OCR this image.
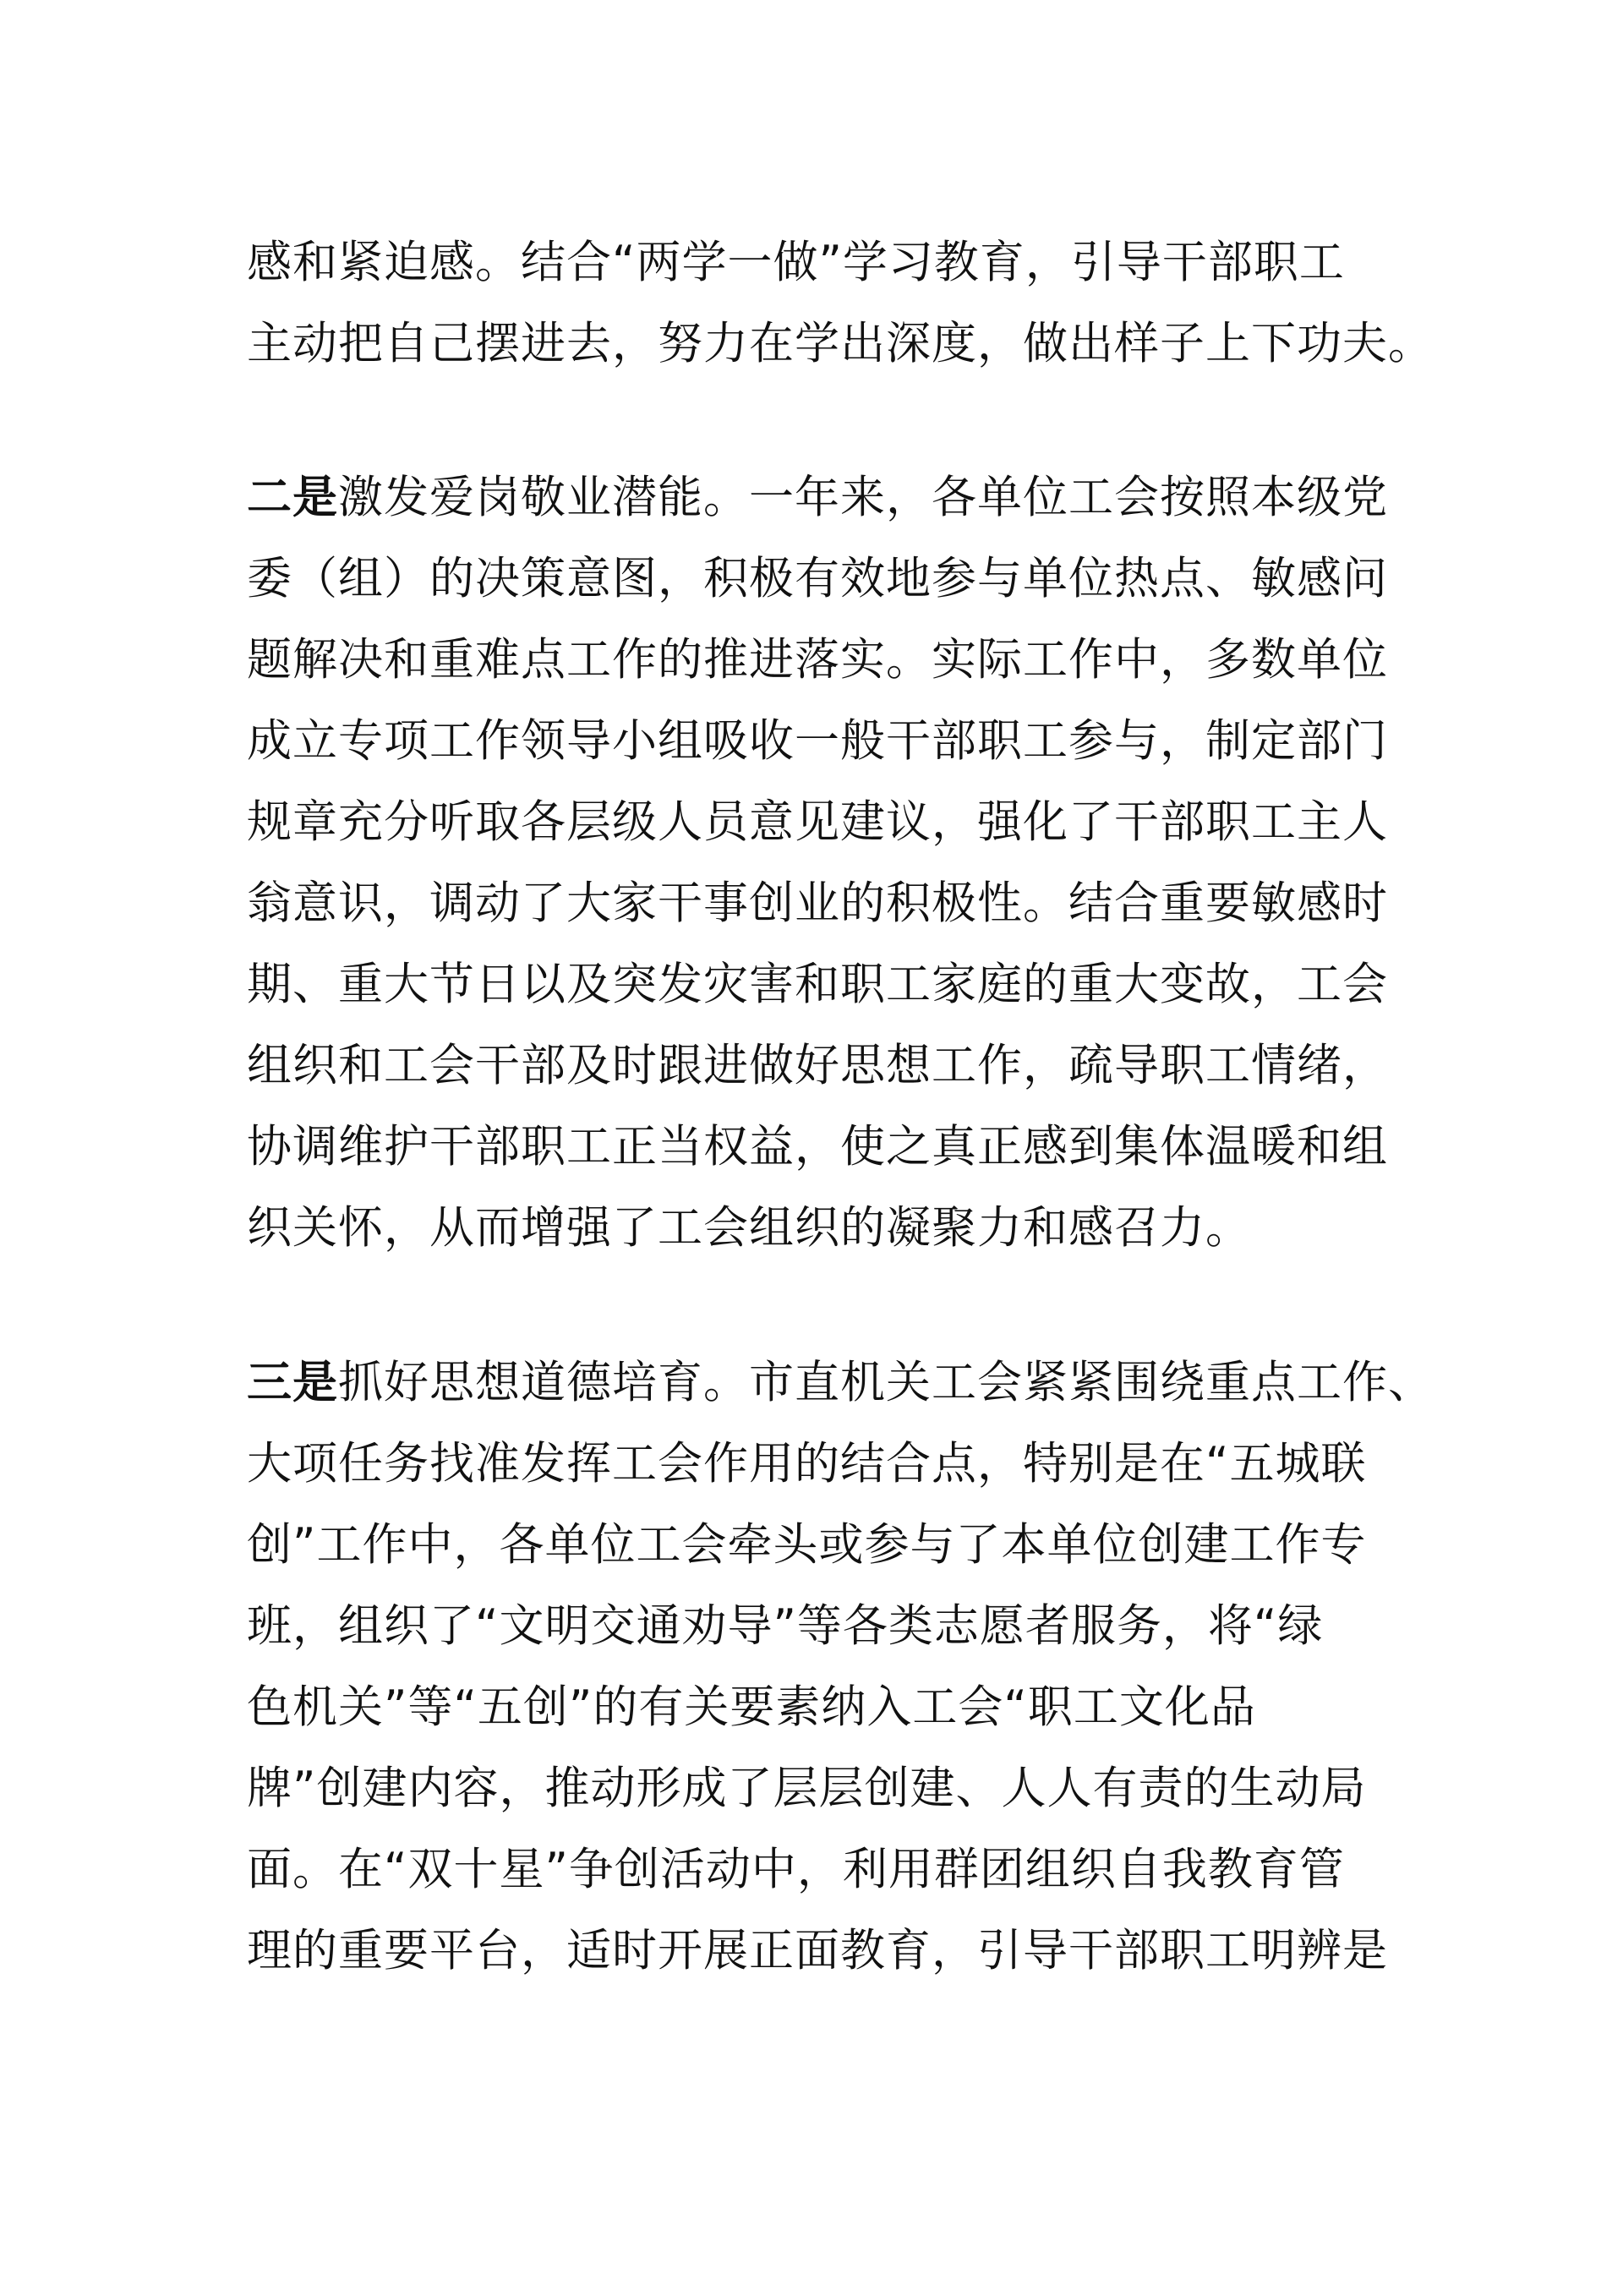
感和紧迫感。结合“两学一做”学习教育，引导干部职工
主动把自己摆进去，努力在学出深度，做出样子上下功夫。
二是激发爱岗敬业潜能。一年来，各单位工会按照本级党
委（组）的决策意图，积极有效地参与单位热点、敏感问
题解决和重难点工作的推进落实。实际工作中，多数单位
成立专项工作领导小组吸收一般干部职工参与，制定部门
规章充分听取各层级人员意见建议，强化了干部职工主人
翁意识，调动了大家干事创业的积极性。结合重要敏感时
期、重大节日以及突发灾害和职工家庭的重大变故，工会
组织和工会干部及时跟进做好思想工作，疏导职工情绪，
协调维护干部职工正当权益，使之真正感到集体温暖和组
织关怀，从而增强了工会组织的凝聚力和感召力。
三是抓好思想道德培育。市直机关工会紧紧围绕重点工作、
大项任务找准发挥工会作用的结合点，特别是在“五城联
创”工作中，各单位工会牵头或参与了本单位创建工作专
班，组织了“文明交通劝导”等各类志愿者服务，将“绿
色机关”等“五创”的有关要素纳入工会“职工文化品
牌”创建内容，推动形成了层层创建、人人有责的生动局
面。在“双十星”争创活动中，利用群团组织自我教育管
理的重要平台，适时开展正面教育，引导干部职工明辨是
